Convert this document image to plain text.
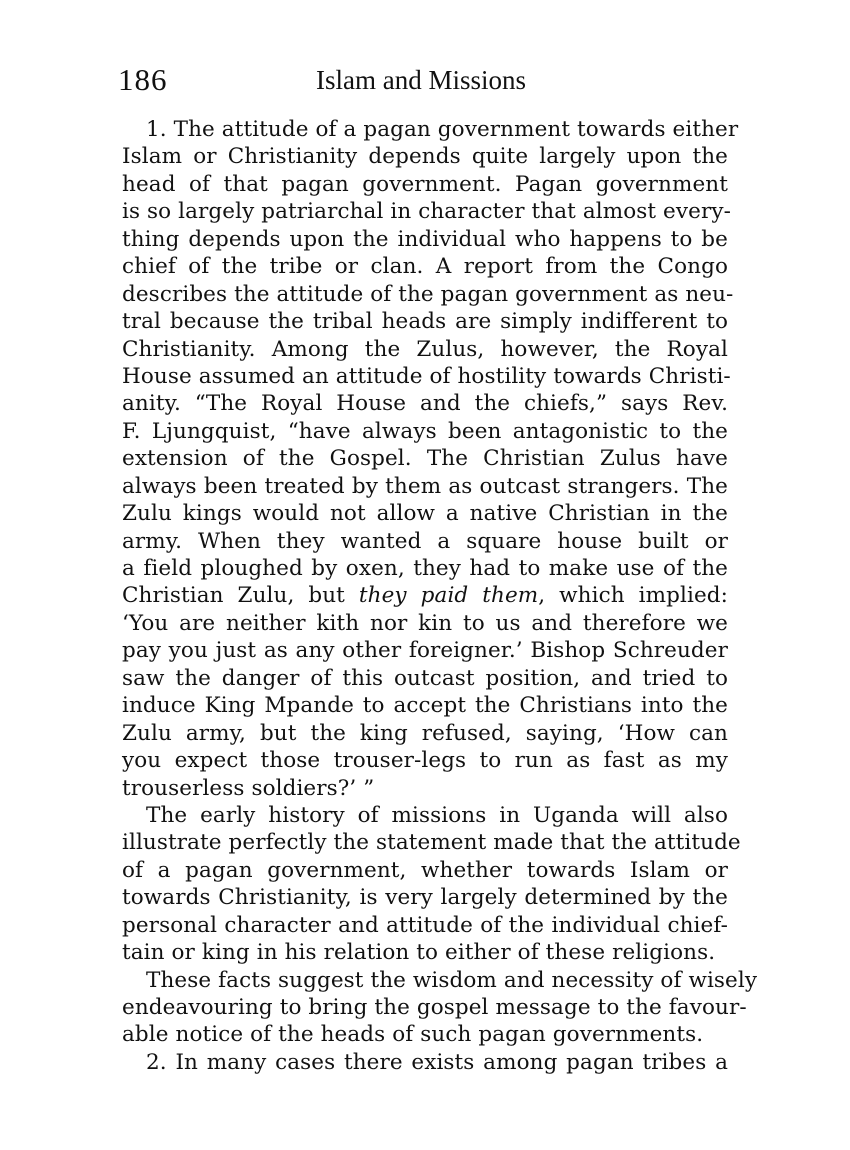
186	Islam and Missions
1. The attitude of a pagan government towards either
Islam or Christianity depends quite largely upon the
head of that pagan government. Pagan government
is so largely patriarchal in character that almost every-
thing depends upon the individual who happens to be
chief of the tribe or clan. A report from the Congo
describes the attitude of the pagan government as neu-
tral because the tribal heads are simply indifferent to
Christianity. Among the Zulus, however, the Royal
House assumed an attitude of hostility towards Christi-
anity. “The Royal House and the chiefs,” says Rev.
F. Ljungquist, “have always been antagonistic to the
extension of the Gospel. The Christian Zulus have
always been treated by them as outcast strangers. The
Zulu kings would not allow a native Christian in the
army. When they wanted a square house built or
a field ploughed by oxen, they had to make use of the
Christian Zulu, but they paid them, which implied:
‘You are neither kith nor kin to us and therefore we
pay you just as any other foreigner.’ Bishop Schreuder
saw the danger of this outcast position, and tried to
induce King Mpande to accept the Christians into the
Zulu army, but the king refused, saying, ‘How can
you expect those trouser-legs to run as fast as my
trouserless soldiers?’ ”
The early history of missions in Uganda will also
illustrate perfectly the statement made that the attitude
of a pagan government, whether towards Islam or
towards Christianity, is very largely determined by the
personal character and attitude of the individual chief-
tain or king in his relation to either of these religions.
These facts suggest the wisdom and necessity of wisely
endeavouring to bring the gospel message to the favour-
able notice of the heads of such pagan governments.
2. In many cases there exists among pagan tribes a
